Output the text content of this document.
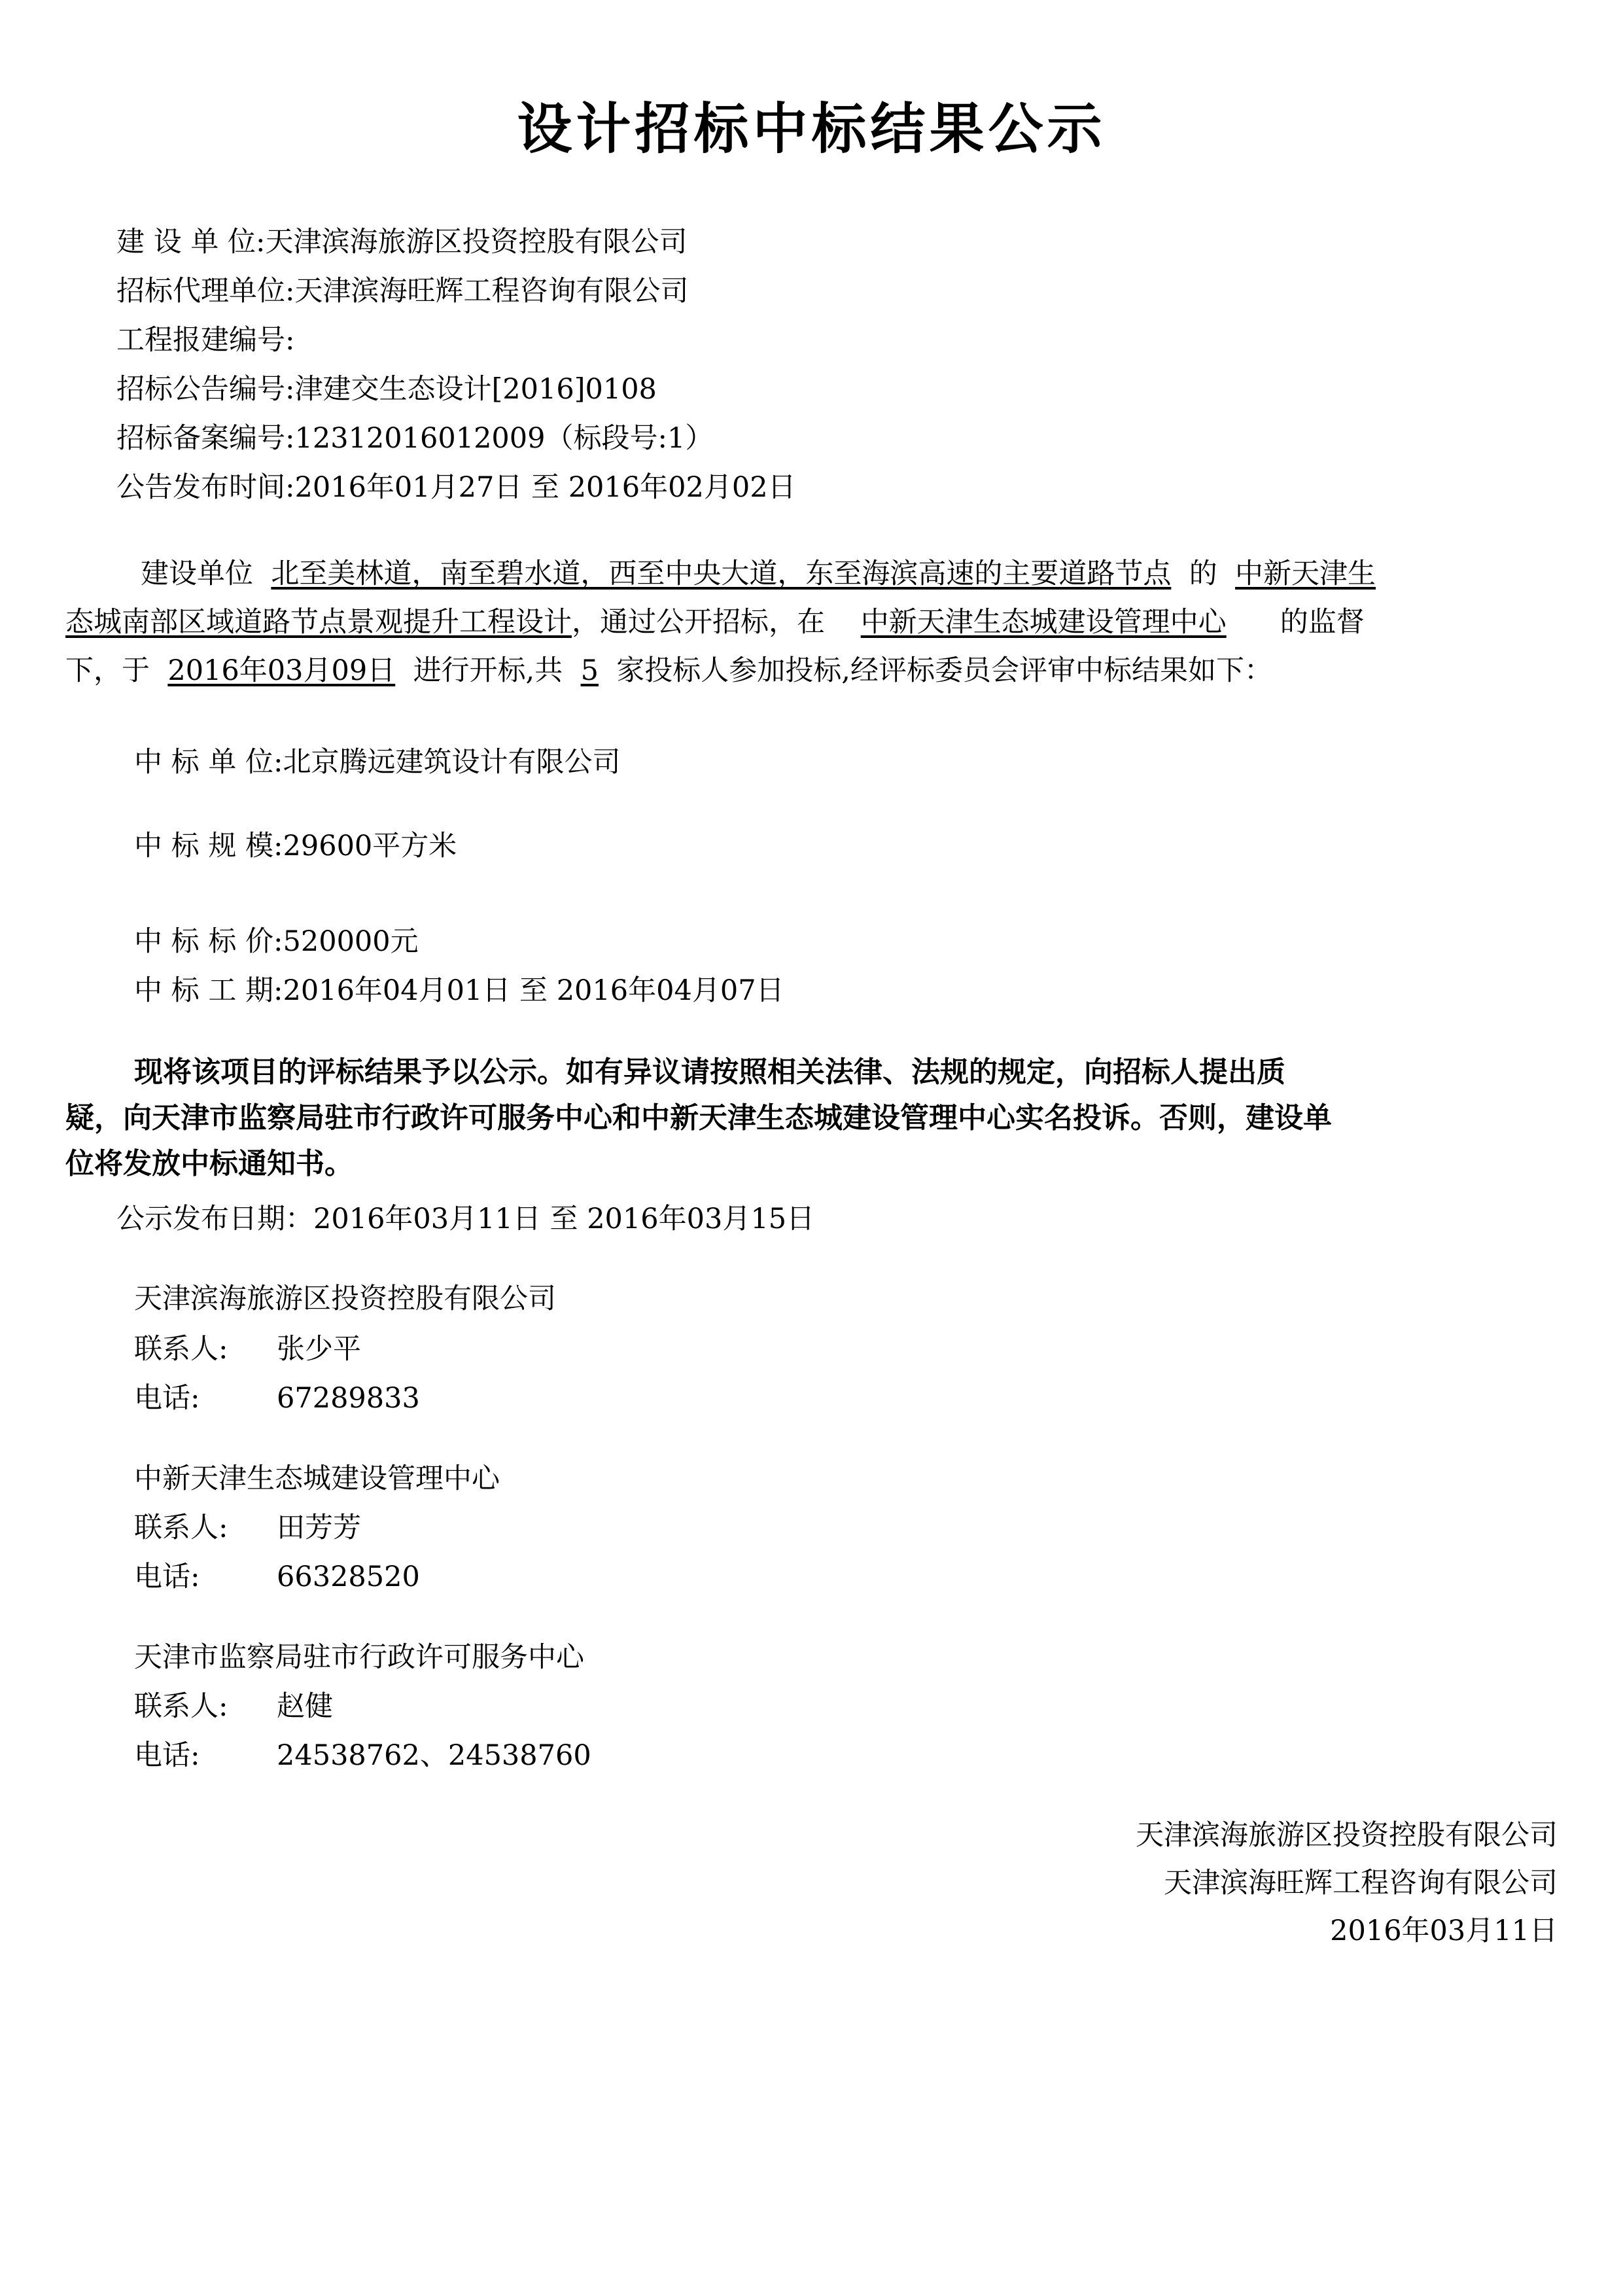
设计招标中标结果公示
建 设 单 位:天津滨海旅游区投资控股有限公司
招标代理单位:天津滨海旺辉工程咨询有限公司
工程报建编号:
招标公告编号:津建交生态设计[2016]0108
招标备案编号:12312016012009（标段号:1）
公告发布时间:2016年01月27日 至 2016年02月02日
建设单位 北至美林道，南至碧水道，西至中央大道，东至海滨高速的主要道路节点 的 中新天津生
态城南部区域道路节点景观提升工程设计，通过公开招标，在 中新天津生态城建设管理中心 的监督
下，于 2016年03月09日 进行开标,共 5 家投标人参加投标,经评标委员会评审中标结果如下：
中 标 单 位:北京腾远建筑设计有限公司
中 标 规 模:29600平方米
中 标 标 价:520000元
中 标 工 期:2016年04月01日 至 2016年04月07日
现将该项目的评标结果予以公示。如有异议请按照相关法律、法规的规定，向招标人提出质
疑，向天津市监察局驻市行政许可服务中心和中新天津生态城建设管理中心实名投诉。否则，建设单
位将发放中标通知书。
公示发布日期：2016年03月11日 至 2016年03月15日
天津滨海旅游区投资控股有限公司
联系人: 张少平
电话:	67289833
中新天津生态城建设管理中心
联系人: 田芳芳
电话:	66328520
天津市监察局驻市行政许可服务中心
联系人: 赵健
电话:	24538762、24538760
天津滨海旅游区投资控股有限公司
天津滨海旺辉工程咨询有限公司
2016年03月11日
